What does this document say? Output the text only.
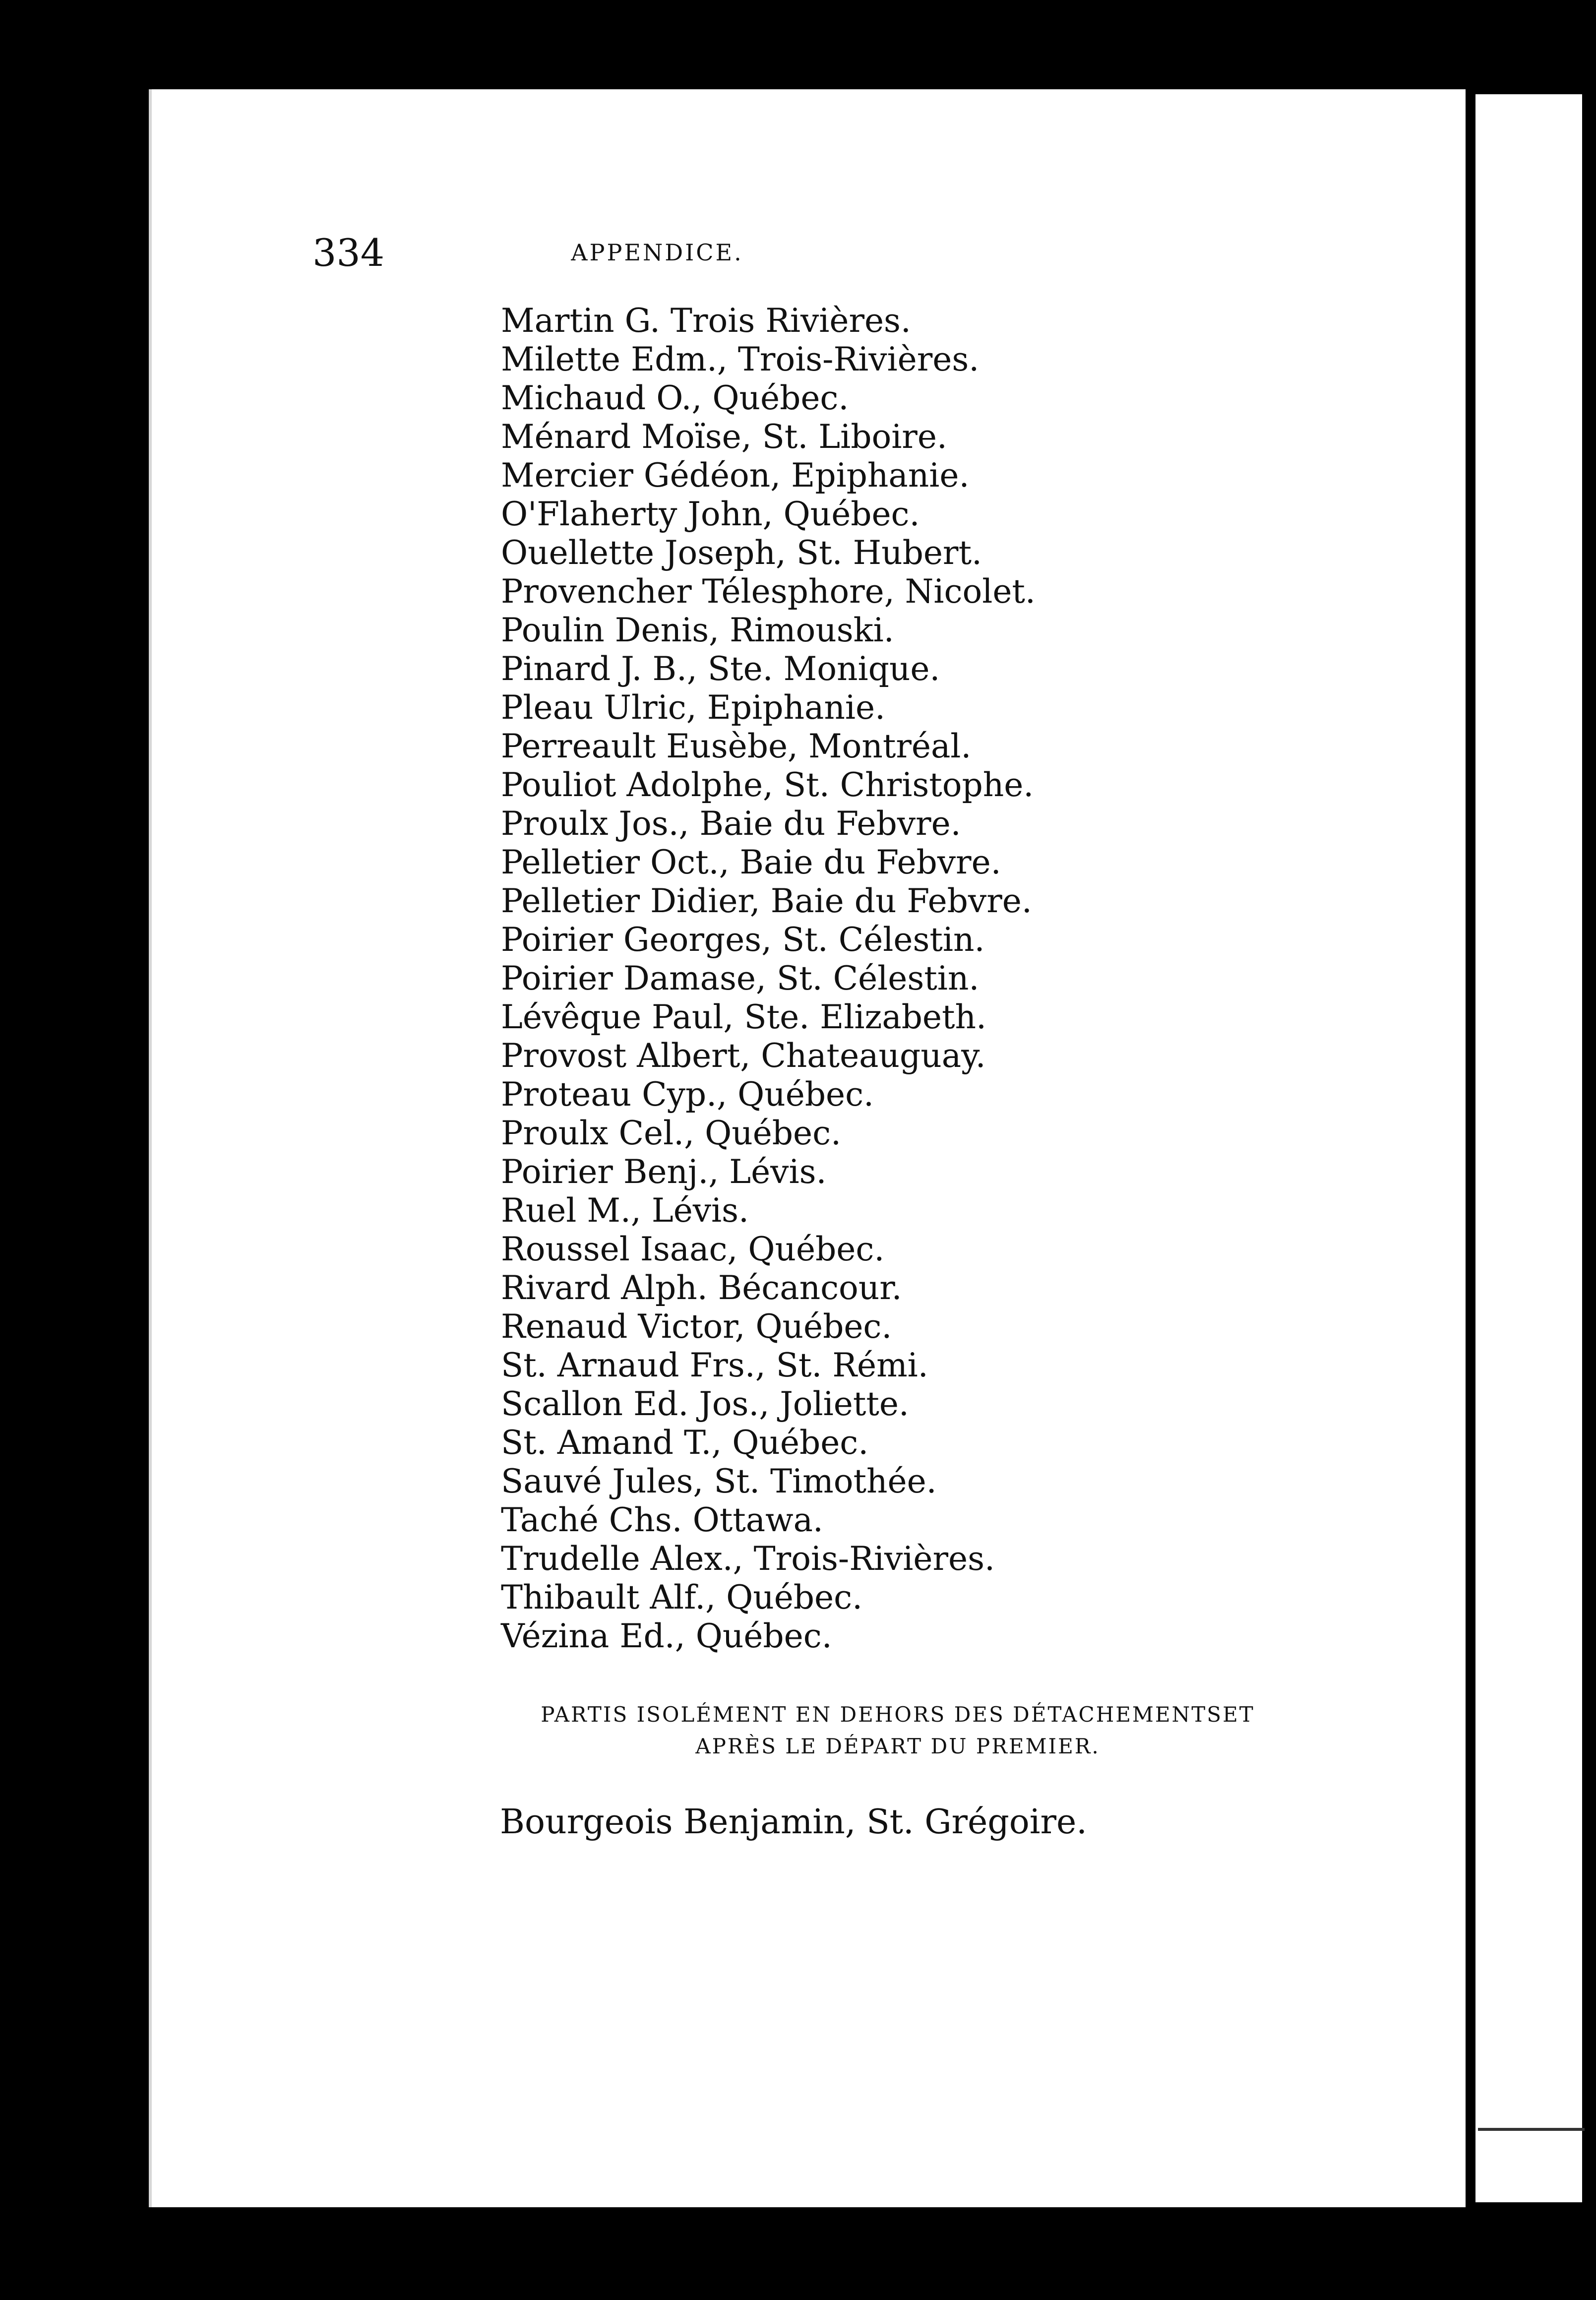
334	APPENDICE.
Martin G. Trois Rivières.
Milette Edm., Trois-Rivières.
Michaud O., Québec.
Ménard Moïse, St. Liboire.
Mercier Gédéon, Epiphanie.
O'Flaherty John, Québec.
Ouellette Joseph, St. Hubert.
Provencher Télesphore, Nicolet.
Poulin Denis, Rimouski.
Pinard J. B., Ste. Monique.
Pleau Ulric, Epiphanie.
Perreault Eusèbe, Montréal.
Pouliot Adolphe, St. Christophe.
Proulx Jos., Baie du Febvre.
Pelletier Oct., Baie du Febvre.
Pelletier Didier, Baie du Febvre.
Poirier Georges, St. Célestin.
Poirier Damase, St. Célestin.
Lévêque Paul, Ste. Elizabeth.
Provost Albert, Chateauguay.
Proteau Cyp., Québec.
Proulx Cel., Québec.
Poirier Benj., Lévis.
Ruel M., Lévis.
Roussel Isaac, Québec.
Rivard Alph. Bécancour.
Renaud Victor, Québec.
St. Arnaud Frs., St. Rémi.
Scallon Ed. Jos., Joliette.
St. Amand T., Québec.
Sauvé Jules, St. Timothée.
Taché Chs. Ottawa.
Trudelle Alex., Trois-Rivières.
Thibault Alf., Québec.
Vézina Ed., Québec.
PARTIS ISOLÉMENT EN DEHORS DES DÉTACHEMENTSET
APRÈS LE DÉPART DU PREMIER.
Bourgeois Benjamin, St. Grégoire.
